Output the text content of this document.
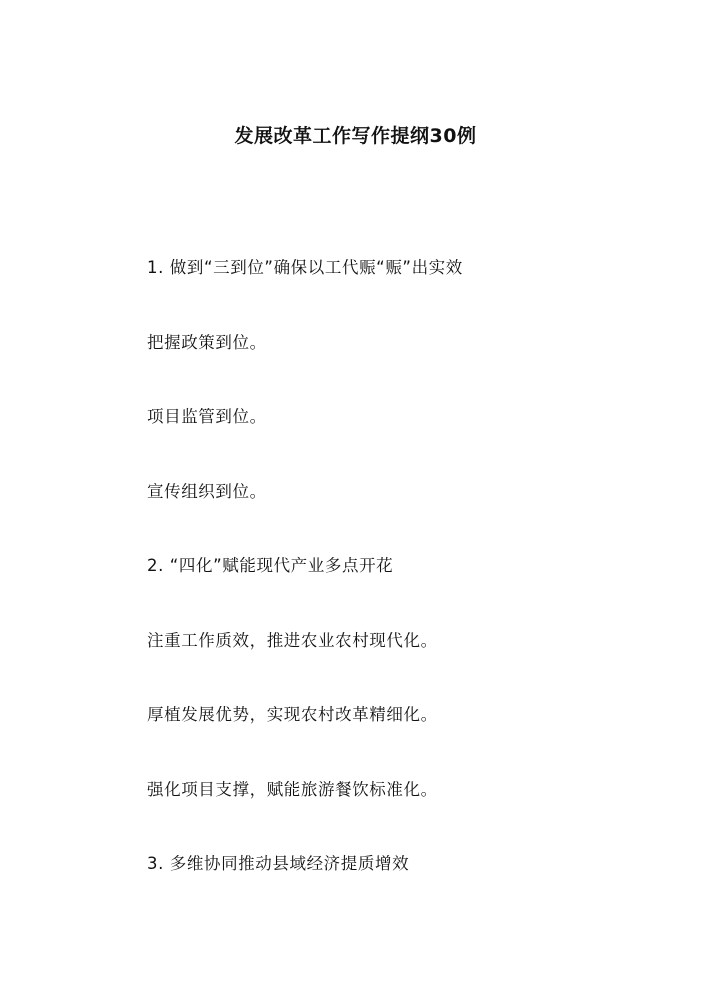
发展改革工作写作提纲30例
1. 做到“三到位”确保以工代赈“赈”出实效
把握政策到位。
项目监管到位。
宣传组织到位。
2. “四化”赋能现代产业多点开花
注重工作质效，推进农业农村现代化。
厚植发展优势，实现农村改革精细化。
强化项目支撑，赋能旅游餐饮标准化。
3. 多维协同推动县域经济提质增效
